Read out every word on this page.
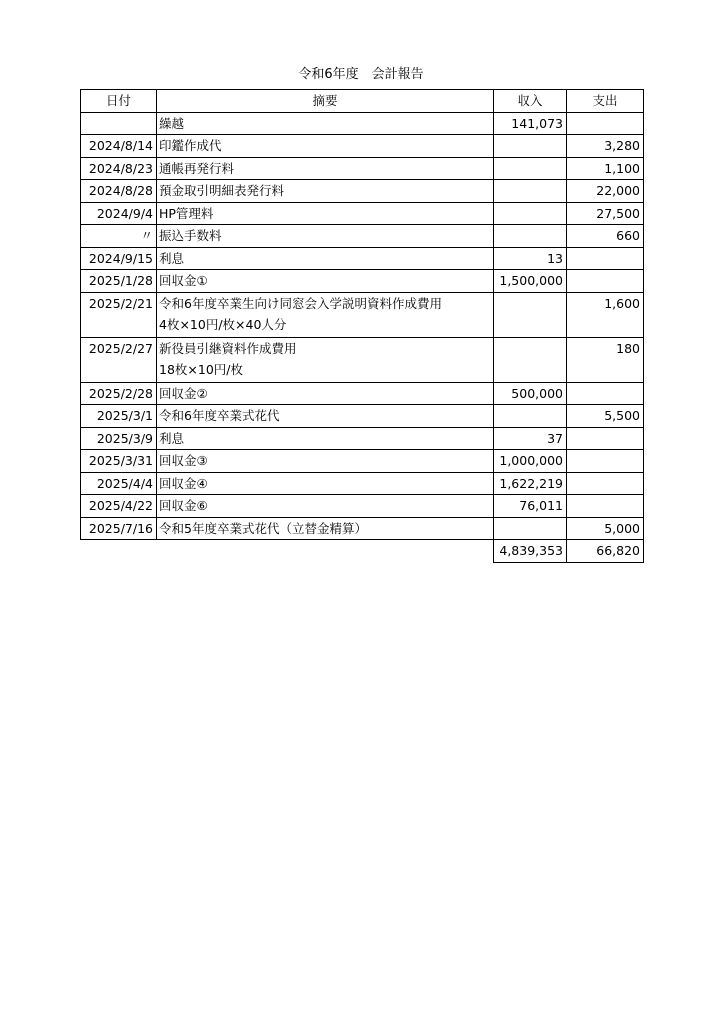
令和6年度　会計報告
日付	摘要	収入	支出

	繰越	141,073	
2024/8/14	印鑑作成代		3,280
2024/8/23	通帳再発行料		1,100
2024/8/28	預金取引明細表発行料		22,000
2024/9/4	HP管理料		27,500
〃	振込手数料		660
2024/9/15	利息	13	
2025/1/28	回収金①	1,500,000	
2025/2/21	令和6年度卒業生向け同窓会入学説明資料作成費用
4枚×10円/枚×40人分		1,600
2025/2/27	新役員引継資料作成費用
18枚×10円/枚		180
2025/2/28	回収金②	500,000	
2025/3/1	令和6年度卒業式花代		5,500
2025/3/9	利息	37	
2025/3/31	回収金③	1,000,000	
2025/4/4	回収金④	1,622,219	
2025/4/22	回収金⑥	76,011	
2025/7/16	令和5年度卒業式花代（立替金精算）		5,000
		4,839,353	66,820
